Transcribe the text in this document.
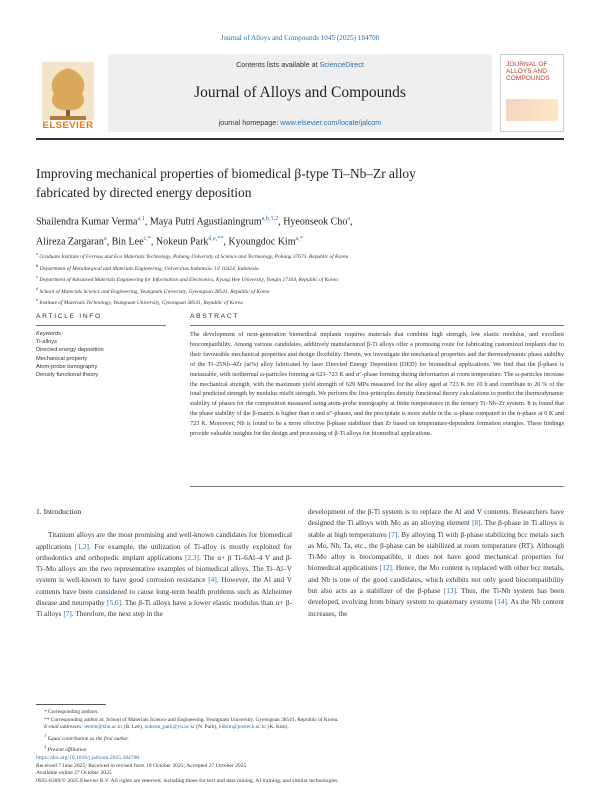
Journal of Alloys and Compounds 1045 (2025) 184700
ELSEVIER
Contents lists available at ScienceDirect
Journal of Alloys and Compounds
journal homepage: www.elsevier.com/locate/jalcom
JOURNAL OF
ALLOYS AND
COMPOUNDS
Improving mechanical properties of biomedical β-type Ti–Nb–Zr alloy
fabricated by directed energy deposition
Shailendra Kumar Verma$^{a,1}$, Maya Putri Agustianingrum$^{a,b,1,2}$, Hyeonseok Cho$^a$,
Alireza Zargaran$^a$, Bin Lee$^{c,*}$, Nokeun Park$^{d,e,**}$, Kyoungdoc Kim$^{a,*}$
$^a$ Graduate Institute of Ferrous and Eco Materials Technology, Pohang University of Science and Technology, Pohang 37673, Republic of Korea
$^b$ Department of Metallurgical and Materials Engineering, Universitas Indonesia, UI 16424, Indonesia
$^c$ Department of Advanced Materials Engineering for Information and Electronics, Kyung Hee University, Yongin 17104, Republic of Korea
$^d$ School of Materials Science and Engineering, Yeungnam University, Gyeongsan 38541, Republic of Korea
$^e$ Institute of Materials Technology, Yeungnam University, Gyeongsan 38541, Republic of Korea
ARTICLE INFO	ABSTRACT
Keywords:
Ti-alloys
Directed energy deposition
Mechanical property
Atom-probe tomography
Density functional theory
The development of next-generation biomedical implants requires materials that combine high strength, low elastic modulus, and excellent biocompatibility. Among various candidates, additively manufactured β-Ti alloys offer a promising route for fabricating customized implants due to their favourable mechanical properties and design flexibility. Herein, we investigate the mechanical properties and the thermodynamic phase stability of the Ti–25Nb–4Zr (at%) alloy fabricated by laser Directed Energy Deposition (DED) for biomedical applications. We find that the β-phase is metastable, with isothermal ω-particles forming at 623–723 K and α″-phase forming during deformation at room temperature. The ω-particles increase the mechanical strength, with the maximum yield strength of 629 MPa measured for the alloy aged at 723 K for 10 h and contribute to 20 % of the total predicted strength by modulus misfit strength. We perform the first-principles density functional theory calculations to predict the thermodynamic stability of phases for the composition measured using atom-probe tomography at finite temperatures in the ternary Ti–Nb–Zr system. It is found that the phase stability of the β-matrix is higher than α and α″-phases, and the precipitate is more stable in the ω-phase compared to the α-phase at 0 K and 723 K. Moreover, Nb is found to be a more effective β-phase stabilizer than Zr based on temperature-dependent formation energies. These findings provide valuable insights for the design and processing of β-Ti alloys for biomedical applications.
1. Introduction
Titanium alloys are the most promising and well-known candidates for biomedical applications [1,2]. For example, the utilization of Ti-alloy is mostly exploited for orthodontics and orthopedic implant applications [2,3]. The α+ β Ti–6Al–4 V and β-Ti–Mo alloys are the two representative examples of biomedical alloys. The Ti–Al–V system is well-known to have good corrosion resistance [4]. However, the Al and V contents have been considered to cause long-term health problems such as Alzheimer disease and neuropathy [5,6]. The β-Ti alloys have a lower elastic modulus than α+ β-Ti alloys [7]. Therefore, the next step in the
development of the β-Ti system is to replace the Al and V contents. Researchers have designed the Ti alloys with Mo as an alloying element [8]. The β-phase in Ti alloys is stable at high temperatures [7]. By alloying Ti with β-phase stabilizing bcc metals such as Mo, Nb, Ta, etc., the β-phase can be stabilized at room temperature (RT). Although Ti-Mo alloy is biocompatible, it does not have good mechanical properties for biomedical applications [12]. Hence, the Mo content is replaced with other bcc metals, and Nb is one of the good candidates, which exhibits not only good biocompatibility but also acts as a stabilizer of the β-phase [13]. Thus, the Ti-Nb system has been developed, evolving from binary system to quaternary systems [14]. As the Nb content increases, the
* Corresponding authors.
** Corresponding author at: School of Materials Science and Engineering, Yeungnam University, Gyeongsan 38541, Republic of Korea.
E-mail addresses: leebin@khu.ac.kr (B. Lee), nokeun_park@yu.ac.kr (N. Park), kdkim@postech.ac.kr (K. Kim).
$^1$ Equal contribution as the first author
$^2$ Present affiliation
https://doi.org/10.1016/j.jallcom.2025.184700
Received 7 June 2025; Received in revised form 19 October 2025; Accepted 27 October 2025
Available online 27 October 2025
0925-8388/© 2025 Elsevier B.V. All rights are reserved, including those for text and data mining, AI training, and similar technologies.
